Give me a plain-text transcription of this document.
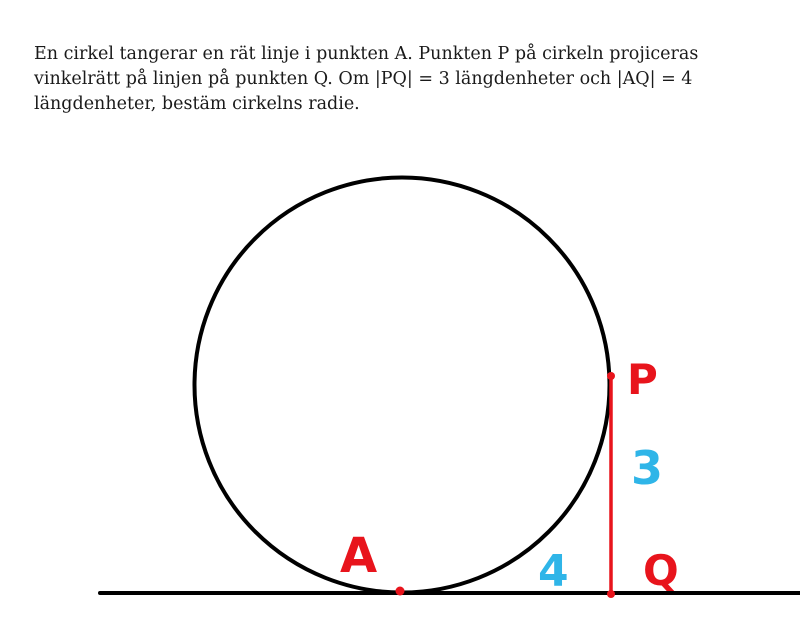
En cirkel tangerar en rät linje i punkten A. Punkten P på cirkeln projiceras

vinkelrätt på linjen på punkten Q. Om |PQ| = 3 längdenheter och |AQ| = 4

längdenheter, bestäm cirkelns radie.

A
P
Q
3
4
